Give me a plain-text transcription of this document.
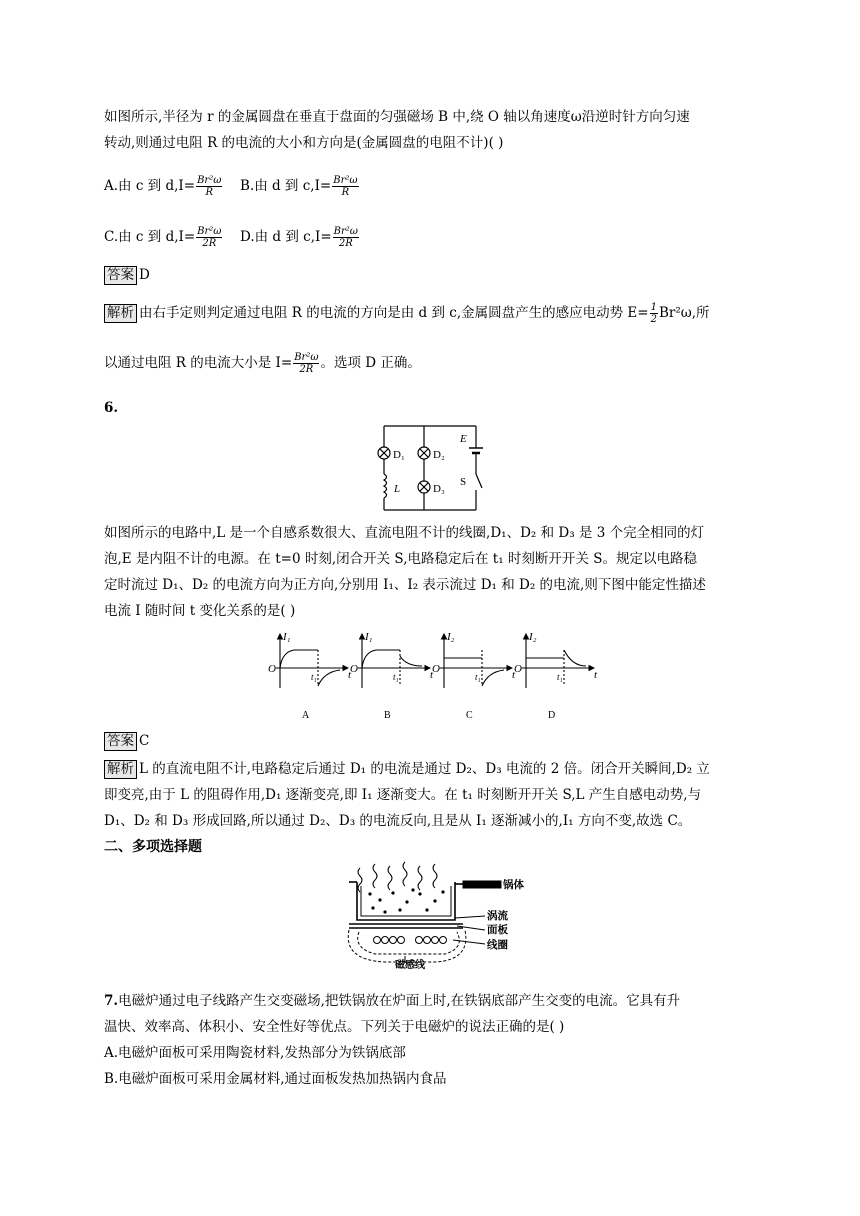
如图所示,半径为 r 的金属圆盘在垂直于盘面的匀强磁场 B 中,绕 O 轴以角速度ω沿逆时针方向匀速
转动,则通过电阻 R 的电流的大小和方向是(金属圆盘的电阻不计)( )
A.由 c 到 $d,I= \frac{\text{Br²ω}}{R} B$.由 d 到 $c,I= \frac{\text{Br²ω}}{R}$
C.由 c 到 $d,I= \frac{\text{Br²ω}}{2R} D$.由 d 到 $c,I= \frac{\text{Br²ω}}{2R}$
答案 D
解析 由右手定则判定通过电阻 R 的电流的方向是由 d 到 c,金属圆盘产生的感应电动势 $E= \frac{1}{2} Br^2\omega$,所
以通过电阻 R 的电流大小是 $I= \frac{\text{Br²ω}}{2R}$ 。选项 D 正确。
6.
D₁	D₂
D₃
E
L
S
如图所示的电路中,L 是一个自感系数很大、直流电阻不计的线圈,D₁、D₂ 和 D₃ 是 3 个完全相同的灯
泡,E 是内阻不计的电源。在 t=0 时刻,闭合开关 S,电路稳定后在 t₁ 时刻断开开关 S。规定以电路稳
定时流过 D₁、D₂ 的电流方向为正方向,分别用 I₁、I₂ 表示流过 D₁ 和 D₂ 的电流,则下图中能定性描述
电流 I 随时间 t 变化关系的是( )
I₁
O
t₁	t
A
I₁
O
t₁	t
B
I₂
O
t₁	t
C
I₂
O
t₁	t
D
答案 C
解析 L 的直流电阻不计,电路稳定后通过 D₁ 的电流是通过 D₂、D₃ 电流的 2 倍。闭合开关瞬间,D₂ 立
即变亮,由于 L 的阻碍作用,D₁ 逐渐变亮,即 I₁ 逐渐变大。在 t₁ 时刻断开开关 S,L 产生自感电动势,与
D₁、D₂ 和 D₃ 形成回路,所以通过 D₂、D₃ 的电流反向,且是从 I₁ 逐渐减小的,I₁ 方向不变,故选 C。
二、多项选择题
锅体
涡流
面板
线圈
磁感线
7.电磁炉通过电子线路产生交变磁场,把铁锅放在炉面上时,在铁锅底部产生交变的电流。它具有升
温快、效率高、体积小、安全性好等优点。下列关于电磁炉的说法正确的是( )
A.电磁炉面板可采用陶瓷材料,发热部分为铁锅底部
B.电磁炉面板可采用金属材料,通过面板发热加热锅内食品
